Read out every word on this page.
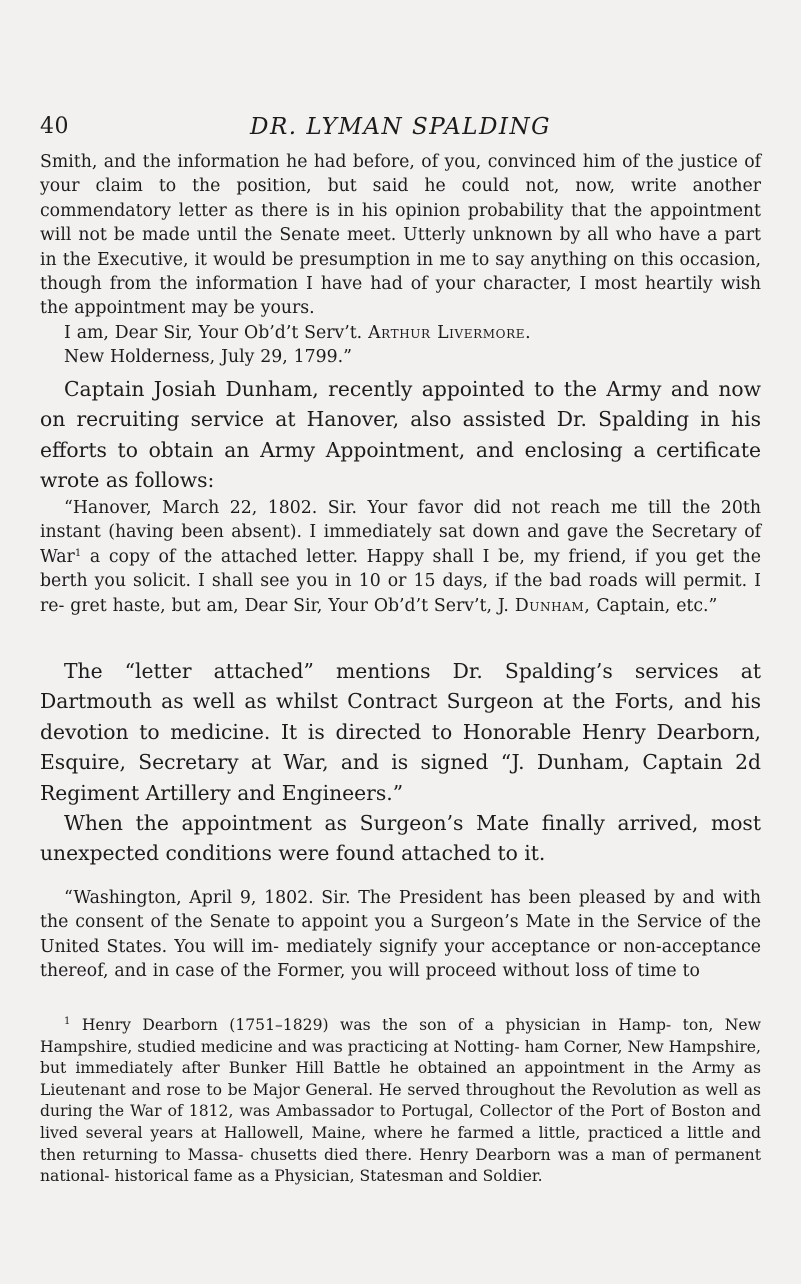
40	DR. LYMAN SPALDING

Smith, and the information he had before, of you, convinced him of the justice of your claim to the position, but said he could not, now, write another commendatory letter as there is in his opinion probability that the appointment will not be made until the Senate meet. Utterly unknown by all who have a part in the Executive, it would be presumption in me to say anything on this occasion, though from the information I have had of your character, I most heartily wish the appointment may be yours.

I am, Dear Sir, Your Ob’d’t Serv’t. Arthur Livermore.

New Holderness, July 29, 1799.”

Captain Josiah Dunham, recently appointed to the Army and now on recruiting service at Hanover, also assisted Dr. Spalding in his efforts to obtain an Army Appointment, and enclosing a certificate wrote as follows:

“Hanover, March 22, 1802. Sir. Your favor did not reach me till the 20th instant (having been absent). I immediately sat down and gave the Secretary of War$^1$ a copy of the attached letter. Happy shall I be, my friend, if you get the berth you solicit. I shall see you in 10 or 15 days, if the bad roads will permit. I re- gret haste, but am, Dear Sir, Your Ob’d’t Serv’t, J. Dunham, Captain, etc.”

The “letter attached” mentions Dr. Spalding’s services at Dartmouth as well as whilst Contract Surgeon at the Forts, and his devotion to medicine. It is directed to Honorable Henry Dearborn, Esquire, Secretary at War, and is signed “J. Dunham, Captain 2d Regiment Artillery and Engineers.”

When the appointment as Surgeon’s Mate finally arrived, most unexpected conditions were found attached to it.

“Washington, April 9, 1802. Sir. The President has been pleased by and with the consent of the Senate to appoint you a Surgeon’s Mate in the Service of the United States. You will im- mediately signify your acceptance or non-acceptance thereof, and in case of the Former, you will proceed without loss of time to

$^1$ Henry Dearborn (1751–1829) was the son of a physician in Hamp- ton, New Hampshire, studied medicine and was practicing at Notting- ham Corner, New Hampshire, but immediately after Bunker Hill Battle he obtained an appointment in the Army as Lieutenant and rose to be Major General. He served throughout the Revolution as well as during the War of 1812, was Ambassador to Portugal, Collector of the Port of Boston and lived several years at Hallowell, Maine, where he farmed a little, practiced a little and then returning to Massa- chusetts died there. Henry Dearborn was a man of permanent national- historical fame as a Physician, Statesman and Soldier.
